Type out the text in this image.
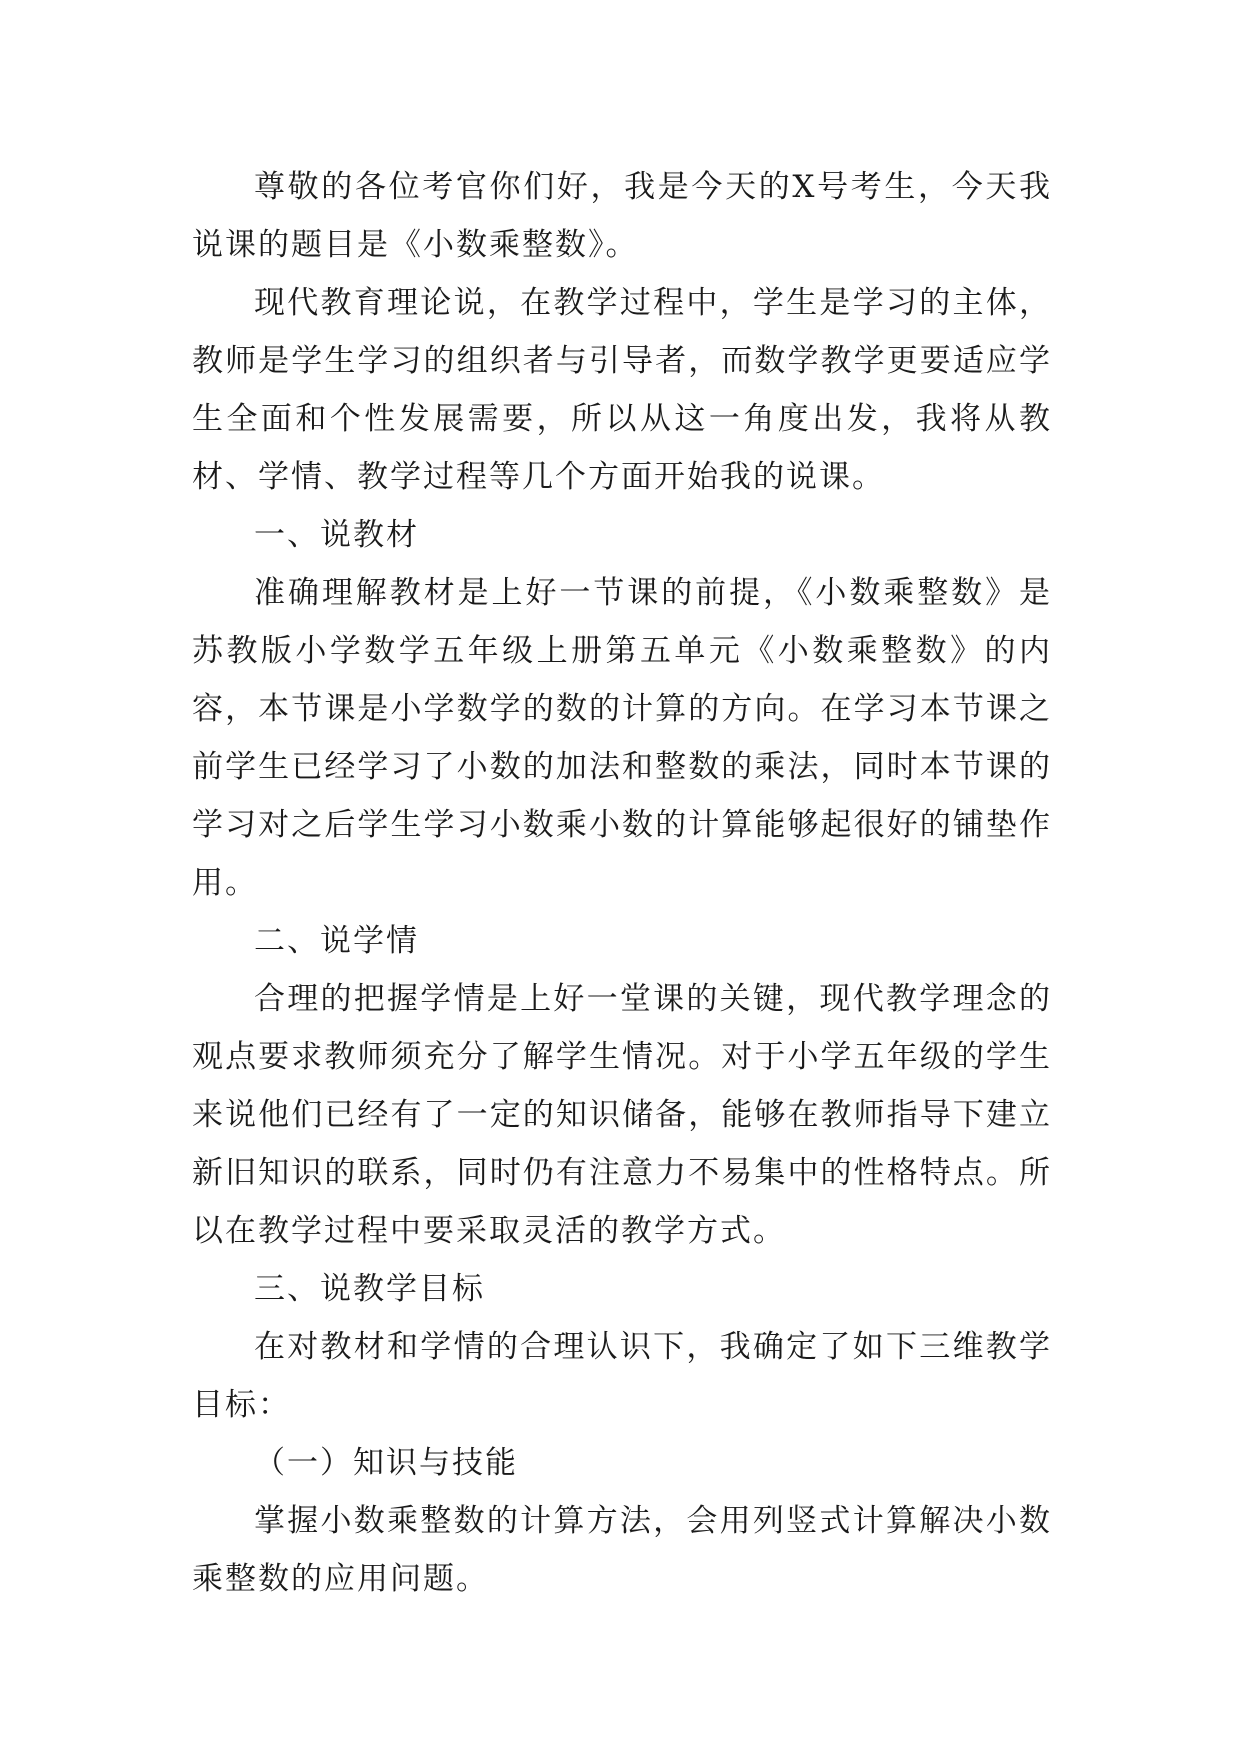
尊敬的各位考官你们好，我是今天的X号考生，今天我说课的题目是《小数乘整数》。

现代教育理论说，在教学过程中，学生是学习的主体，教师是学生学习的组织者与引导者，而数学教学更要适应学生全面和个性发展需要，所以从这一角度出发，我将从教材、学情、教学过程等几个方面开始我的说课。

一、说教材

准确理解教材是上好一节课的前提，《小数乘整数》是苏教版小学数学五年级上册第五单元《小数乘整数》的内容，本节课是小学数学的数的计算的方向。在学习本节课之前学生已经学习了小数的加法和整数的乘法，同时本节课的学习对之后学生学习小数乘小数的计算能够起很好的铺垫作用。

二、说学情

合理的把握学情是上好一堂课的关键，现代教学理念的观点要求教师须充分了解学生情况。对于小学五年级的学生来说他们已经有了一定的知识储备，能够在教师指导下建立新旧知识的联系，同时仍有注意力不易集中的性格特点。所以在教学过程中要采取灵活的教学方式。

三、说教学目标

在对教材和学情的合理认识下，我确定了如下三维教学目标：

（一）知识与技能

掌握小数乘整数的计算方法，会用列竖式计算解决小数乘整数的应用问题。
